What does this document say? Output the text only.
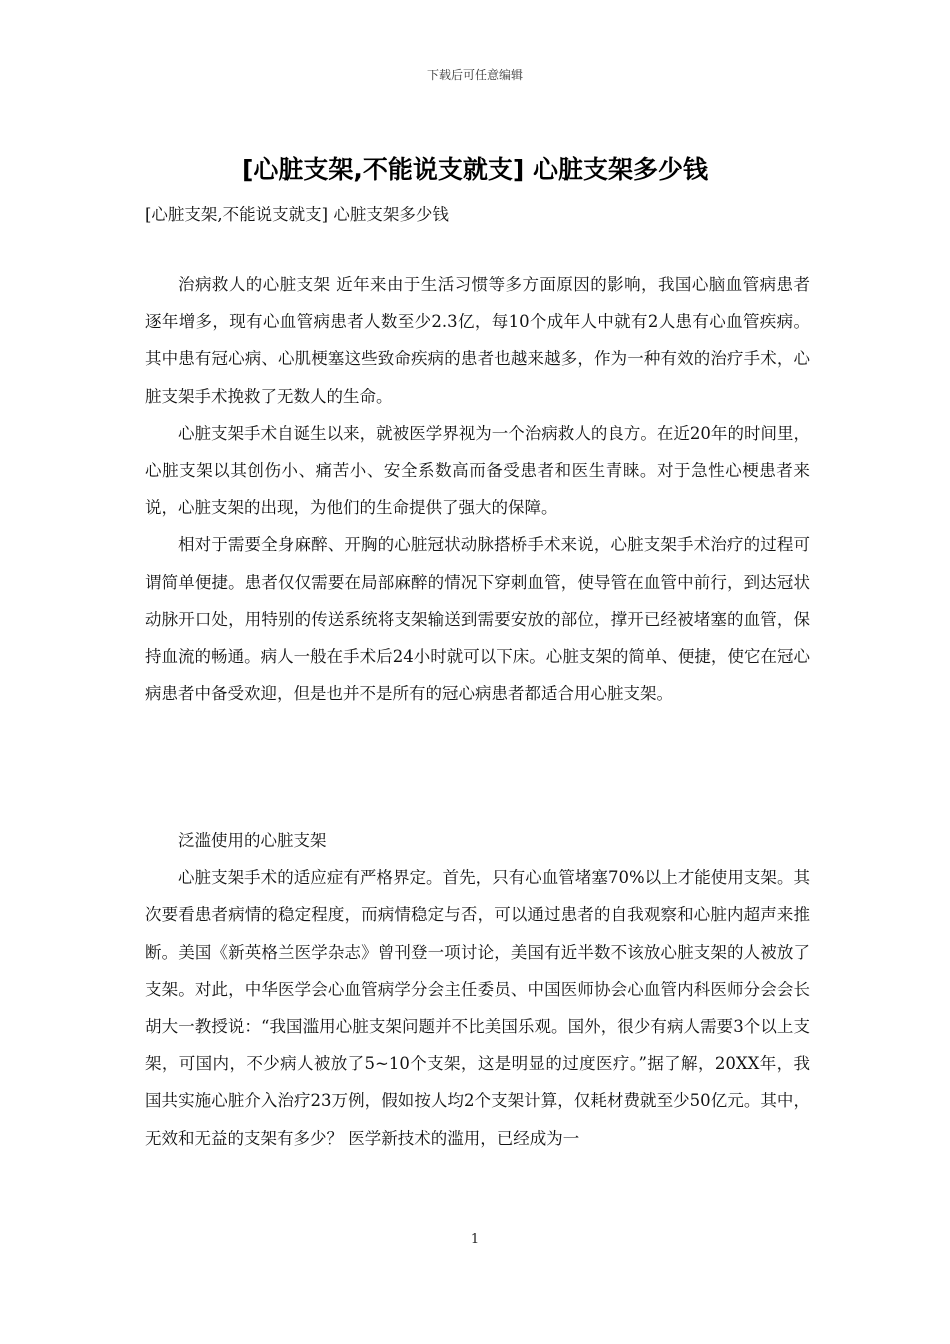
下载后可任意编辑
[心脏支架,不能说支就支] 心脏支架多少钱
[心脏支架,不能说支就支] 心脏支架多少钱

治病救人的心脏支架 近年来由于生活习惯等多方面原因的影响，我国心脑血管病患者逐年增多，现有心血管病患者人数至少2.3亿，每10个成年人中就有2人患有心血管疾病。其中患有冠心病、心肌梗塞这些致命疾病的患者也越来越多，作为一种有效的治疗手术，心脏支架手术挽救了无数人的生命。

心脏支架手术自诞生以来，就被医学界视为一个治病救人的良方。在近20年的时间里，心脏支架以其创伤小、痛苦小、安全系数高而备受患者和医生青睐。对于急性心梗患者来说，心脏支架的出现，为他们的生命提供了强大的保障。

相对于需要全身麻醉、开胸的心脏冠状动脉搭桥手术来说，心脏支架手术治疗的过程可谓简单便捷。患者仅仅需要在局部麻醉的情况下穿刺血管，使导管在血管中前行，到达冠状动脉开口处，用特别的传送系统将支架输送到需要安放的部位，撑开已经被堵塞的血管，保持血流的畅通。病人一般在手术后24小时就可以下床。心脏支架的简单、便捷，使它在冠心病患者中备受欢迎，但是也并不是所有的冠心病患者都适合用心脏支架。

泛滥使用的心脏支架

心脏支架手术的适应症有严格界定。首先，只有心血管堵塞70%以上才能使用支架。其次要看患者病情的稳定程度，而病情稳定与否，可以通过患者的自我观察和心脏内超声来推断。美国《新英格兰医学杂志》曾刊登一项讨论，美国有近半数不该放心脏支架的人被放了支架。对此，中华医学会心血管病学分会主任委员、中国医师协会心血管内科医师分会会长胡大一教授说：“我国滥用心脏支架问题并不比美国乐观。国外，很少有病人需要3个以上支架，可国内，不少病人被放了5~10个支架，这是明显的过度医疗。”据了解，20XX年，我国共实施心脏介入治疗23万例，假如按人均2个支架计算，仅耗材费就至少50亿元。其中，无效和无益的支架有多少？ 医学新技术的滥用，已经成为一

1
